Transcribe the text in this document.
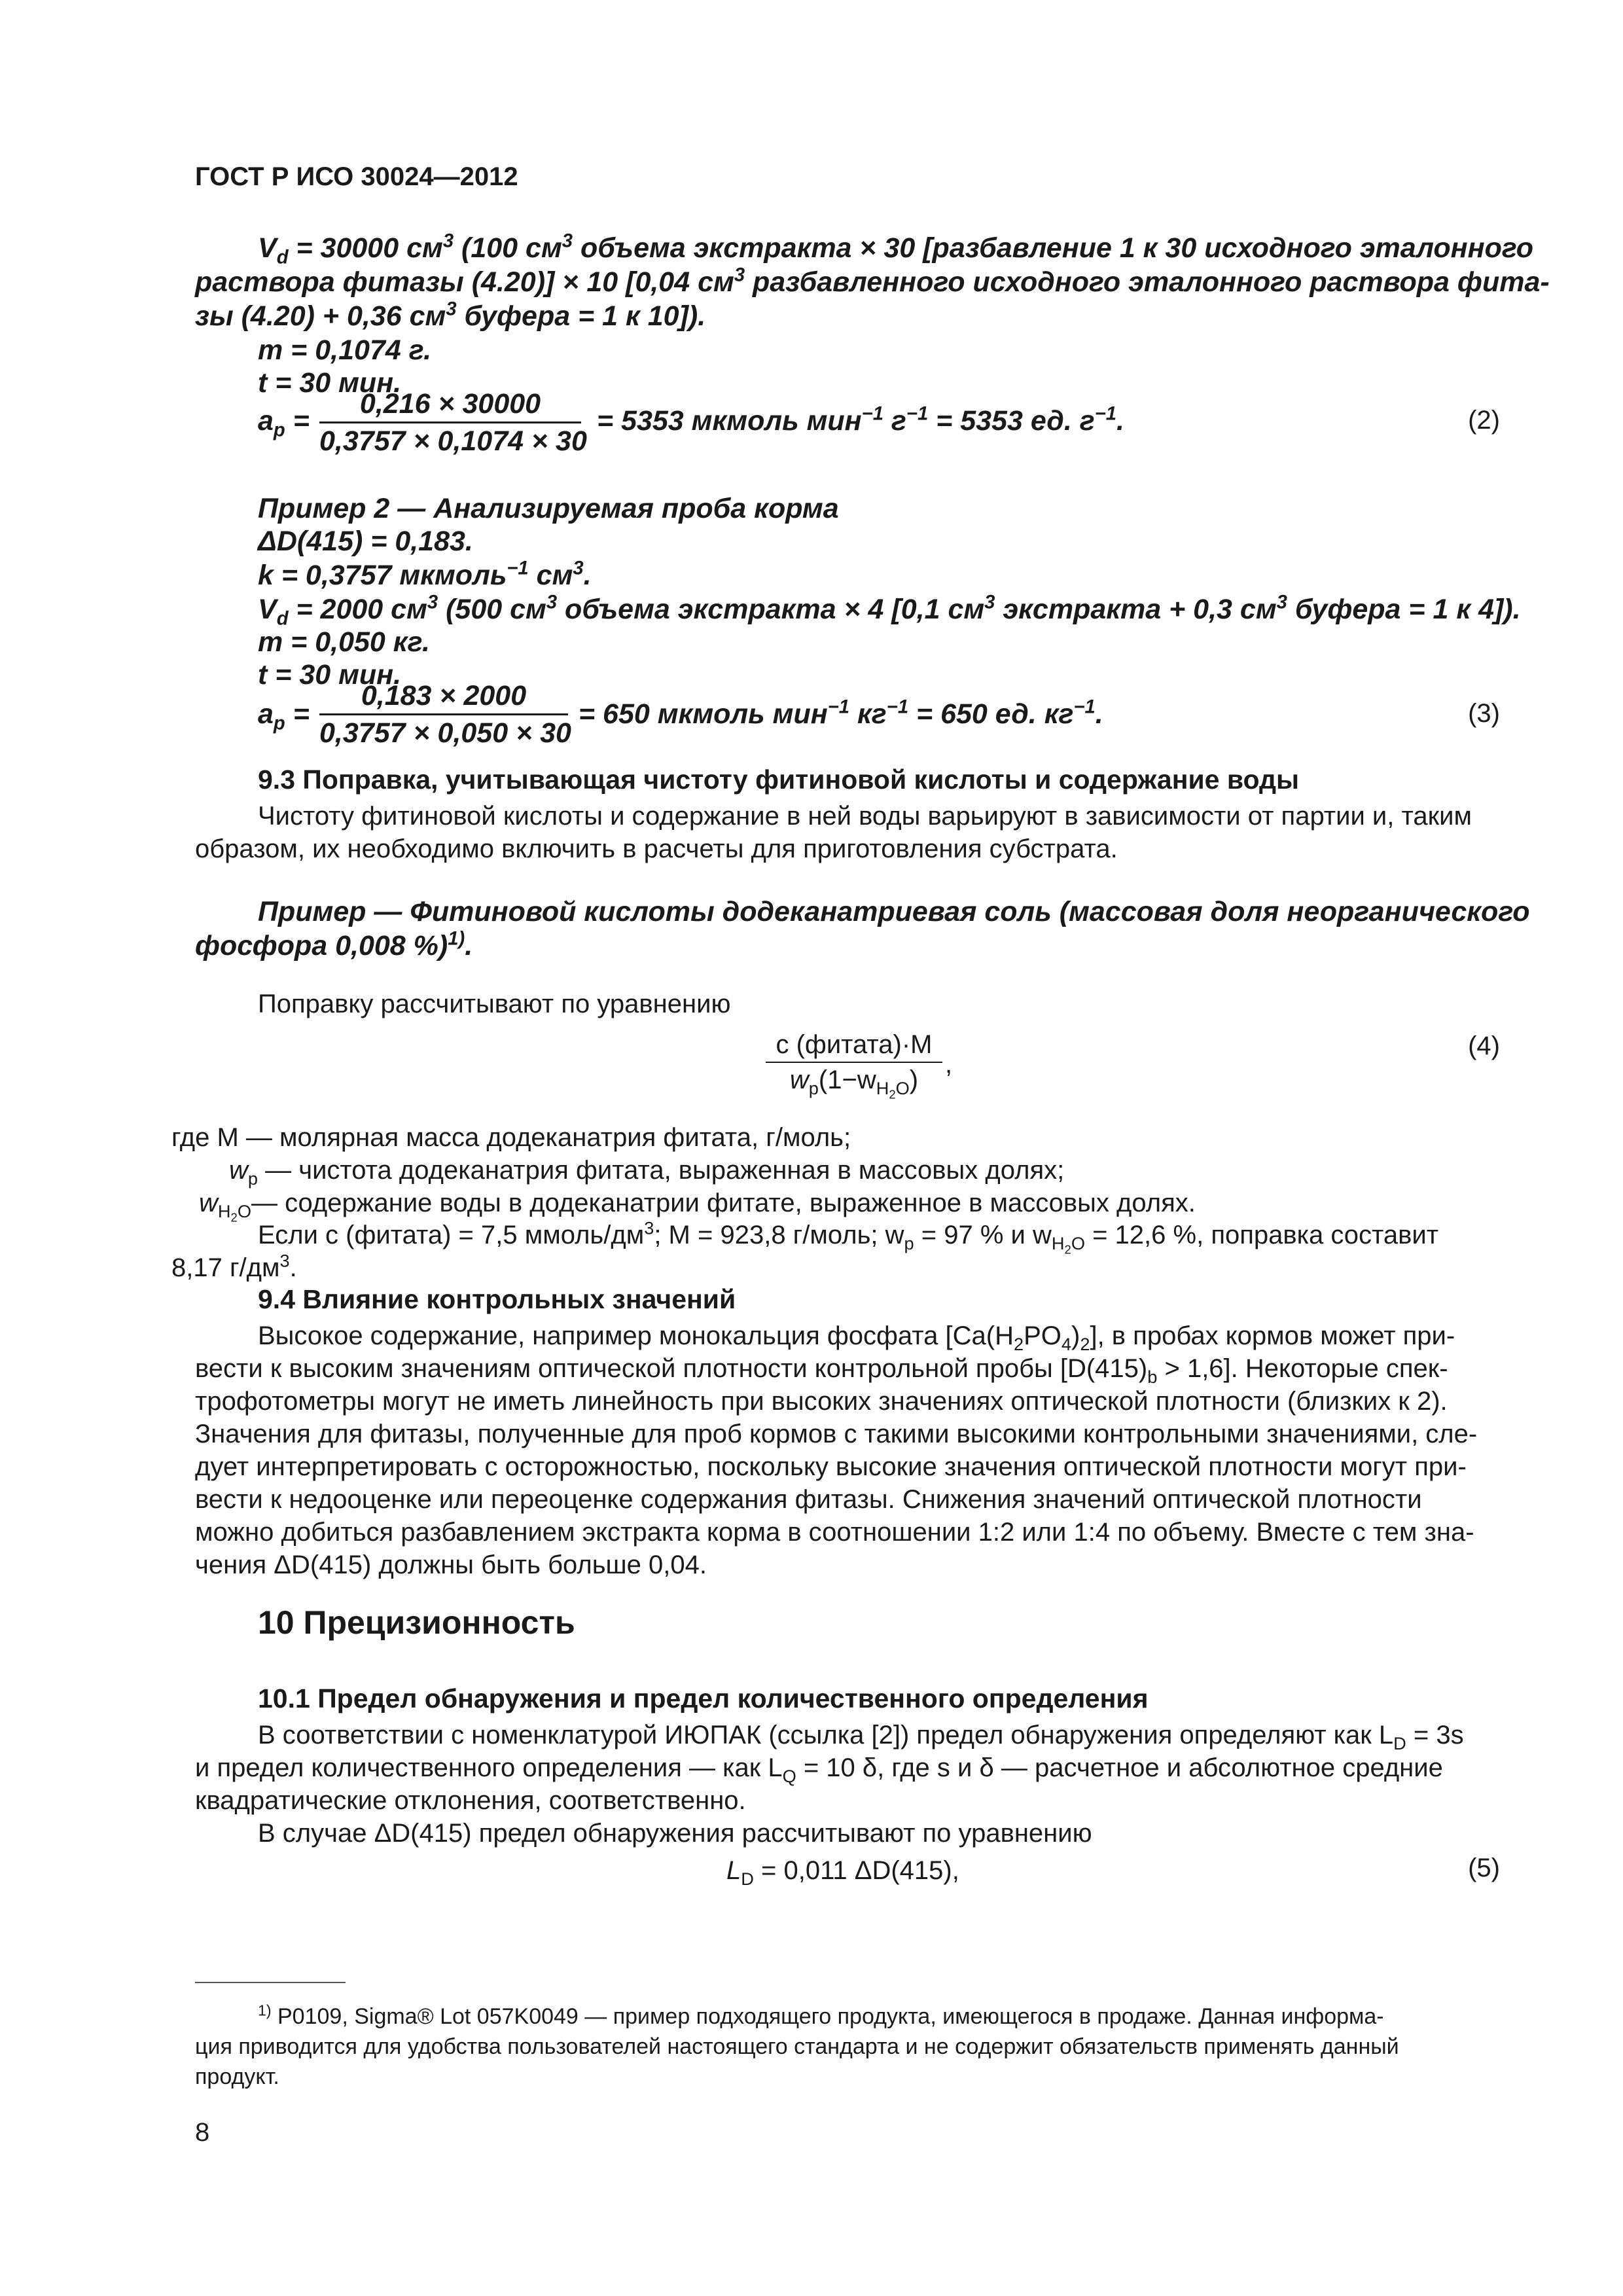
ГОСТ Р ИСО 30024—2012
$V_d = 30000$ $см^3$ (100 $см^3$ объема экстракта × 30 [разбавление 1 к 30 исходного эталонного
раствора фитазы (4.20)] × 10 [0,04 $см^3$ разбавленного исходного эталонного раствора фита-
зы (4.20) + 0,36 $см^3$ буфера = 1 к 10]).
m = 0,1074 г.
t = 30 мин.
$a_p$ =
0,216 × 30000
0,3757 × 0,1074 × 30
= 5353 мкмоль мин$^{-1}$ $г^{-1} = 5353$ ед. $г^{-1}$.	(2)
Пример 2 — Анализируемая проба корма
ΔD(415) = 0,183.
k = 0,3757 мкмоль$^{-1}$ $см^3$.
$V_d = 2000$ $см^3$ (500 $см^3$ объема экстракта × 4 [0,1 $см^3$ экстракта + 0,3 $см^3$ буфера = 1 к 4]).
m = 0,050 кг.
t = 30 мин.
$a_p$ =
0,183 × 2000
0,3757 × 0,050 × 30
= 650 мкмоль мин$^{-1}$ $кг^{-1} = 650$ ед. $кг^{-1}$.	(3)
9.3 Поправка, учитывающая чистоту фитиновой кислоты и содержание воды
Чистоту фитиновой кислоты и содержание в ней воды варьируют в зависимости от партии и, таким
образом, их необходимо включить в расчеты для приготовления субстрата.
Пример — Фитиновой кислоты додеканатриевая соль (массовая доля неорганического
фосфора 0,008 %)$^{1)}$.
Поправку рассчитывают по уравнению
c (фитата)·M
$w_р(1-w_{H_2O})$
,
(4)
где M — молярная масса додеканатрия фитата, г/моль;
$w_р$ — чистота додеканатрия фитата, выраженная в массовых долях;
$w_{H_2O}—$ содержание воды в додеканатрии фитате, выраженное в массовых долях.
Если c (фитата) = 7,5 ммоль/$дм^3$; M = 923,8 г/моль; $w_р = 97$ % и $w_{H_2O} = 12,6$ %, поправка составит
8,17 $г/дм^3$.
9.4 Влияние контрольных значений
Высокое содержание, например монокальция фосфата $[Ca(H_2PO_4)_2]$, в пробах кормов может при-
вести к высоким значениям оптической плотности контрольной пробы $[D(415)_b > 1,6]$. Некоторые спек-
трофотометры могут не иметь линейность при высоких значениях оптической плотности (близких к 2).
Значения для фитазы, полученные для проб кормов с такими высокими контрольными значениями, сле-
дует интерпретировать с осторожностью, поскольку высокие значения оптической плотности могут при-
вести к недооценке или переоценке содержания фитазы. Снижения значений оптической плотности
можно добиться разбавлением экстракта корма в соотношении 1:2 или 1:4 по объему. Вместе с тем зна-
чения ΔD(415) должны быть больше 0,04.
10 Прецизионность
10.1 Предел обнаружения и предел количественного определения
В соответствии с номенклатурой ИЮПАК (ссылка [2]) предел обнаружения определяют как $L_D = 3s$
и предел количественного определения — как $L_Q = 10$ δ, где s и δ — расчетное и абсолютное средние
квадратические отклонения, соответственно.
В случае ΔD(415) предел обнаружения рассчитывают по уравнению
$L_D = 0,011$ ΔD(415),	(5)
$^{1)}$ P0109, Sigma® Lot 057K0049 — пример подходящего продукта, имеющегося в продаже. Данная информа-
ция приводится для удобства пользователей настоящего стандарта и не содержит обязательств применять данный
продукт.
8
